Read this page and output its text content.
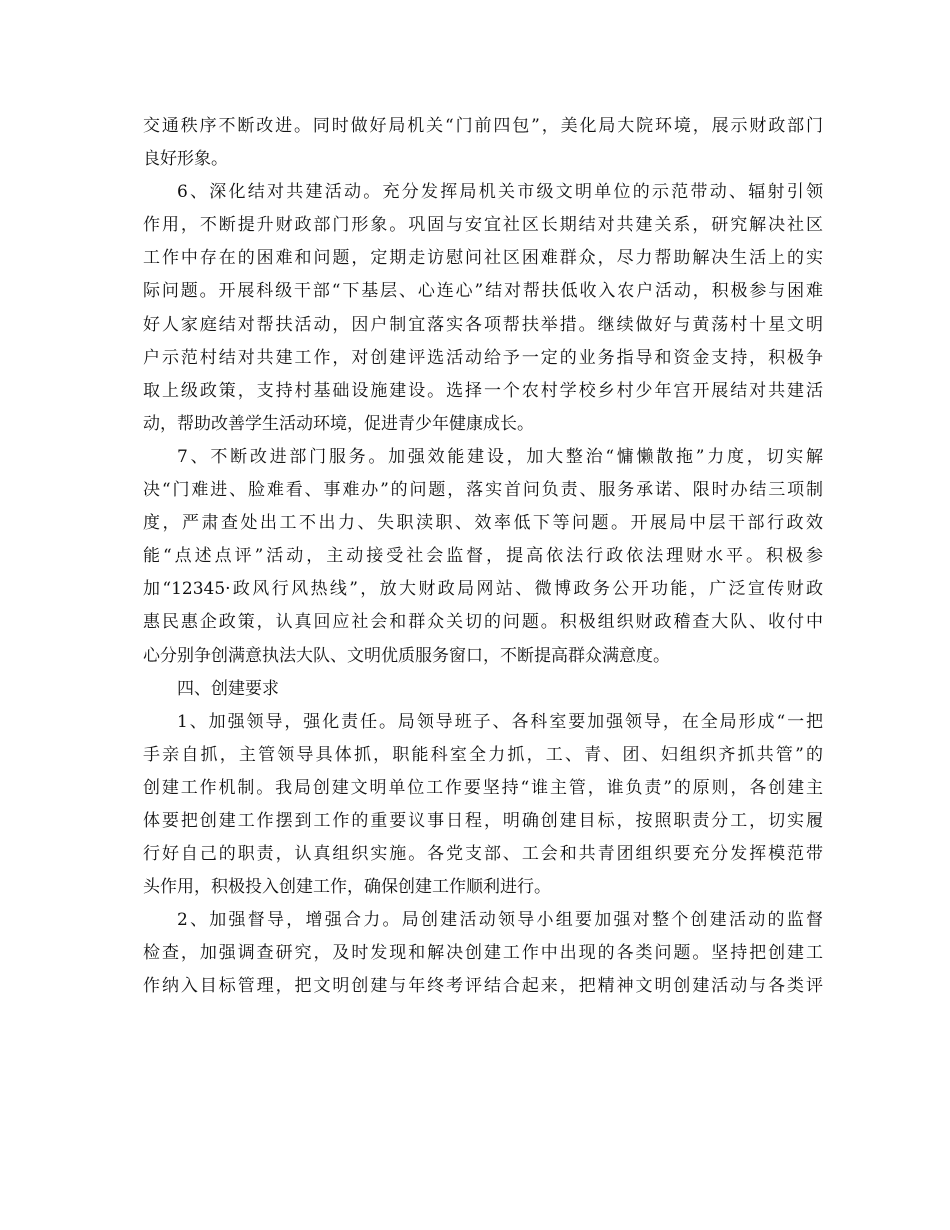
交通秩序不断改进。同时做好局机关“门前四包”，美化局大院环境，展示财政部门
良好形象。
6、深化结对共建活动。充分发挥局机关市级文明单位的示范带动、辐射引领
作用，不断提升财政部门形象。巩固与安宜社区长期结对共建关系，研究解决社区
工作中存在的困难和问题，定期走访慰问社区困难群众，尽力帮助解决生活上的实
际问题。开展科级干部“下基层、心连心”结对帮扶低收入农户活动，积极参与困难
好人家庭结对帮扶活动，因户制宜落实各项帮扶举措。继续做好与黄荡村十星文明
户示范村结对共建工作，对创建评选活动给予一定的业务指导和资金支持，积极争
取上级政策，支持村基础设施建设。选择一个农村学校乡村少年宫开展结对共建活
动，帮助改善学生活动环境，促进青少年健康成长。
7、不断改进部门服务。加强效能建设，加大整治“慵懒散拖”力度，切实解
决“门难进、脸难看、事难办”的问题，落实首问负责、服务承诺、限时办结三项制
度，严肃查处出工不出力、失职渎职、效率低下等问题。开展局中层干部行政效
能“点述点评”活动，主动接受社会监督，提高依法行政依法理财水平。积极参
加“12345·政风行风热线”，放大财政局网站、微博政务公开功能，广泛宣传财政
惠民惠企政策，认真回应社会和群众关切的问题。积极组织财政稽查大队、收付中
心分别争创满意执法大队、文明优质服务窗口，不断提高群众满意度。
四、创建要求
1、加强领导，强化责任。局领导班子、各科室要加强领导，在全局形成“一把
手亲自抓，主管领导具体抓，职能科室全力抓，工、青、团、妇组织齐抓共管”的
创建工作机制。我局创建文明单位工作要坚持“谁主管，谁负责”的原则，各创建主
体要把创建工作摆到工作的重要议事日程，明确创建目标，按照职责分工，切实履
行好自己的职责，认真组织实施。各党支部、工会和共青团组织要充分发挥模范带
头作用，积极投入创建工作，确保创建工作顺利进行。
2、加强督导，增强合力。局创建活动领导小组要加强对整个创建活动的监督
检查，加强调查研究，及时发现和解决创建工作中出现的各类问题。坚持把创建工
作纳入目标管理，把文明创建与年终考评结合起来，把精神文明创建活动与各类评
